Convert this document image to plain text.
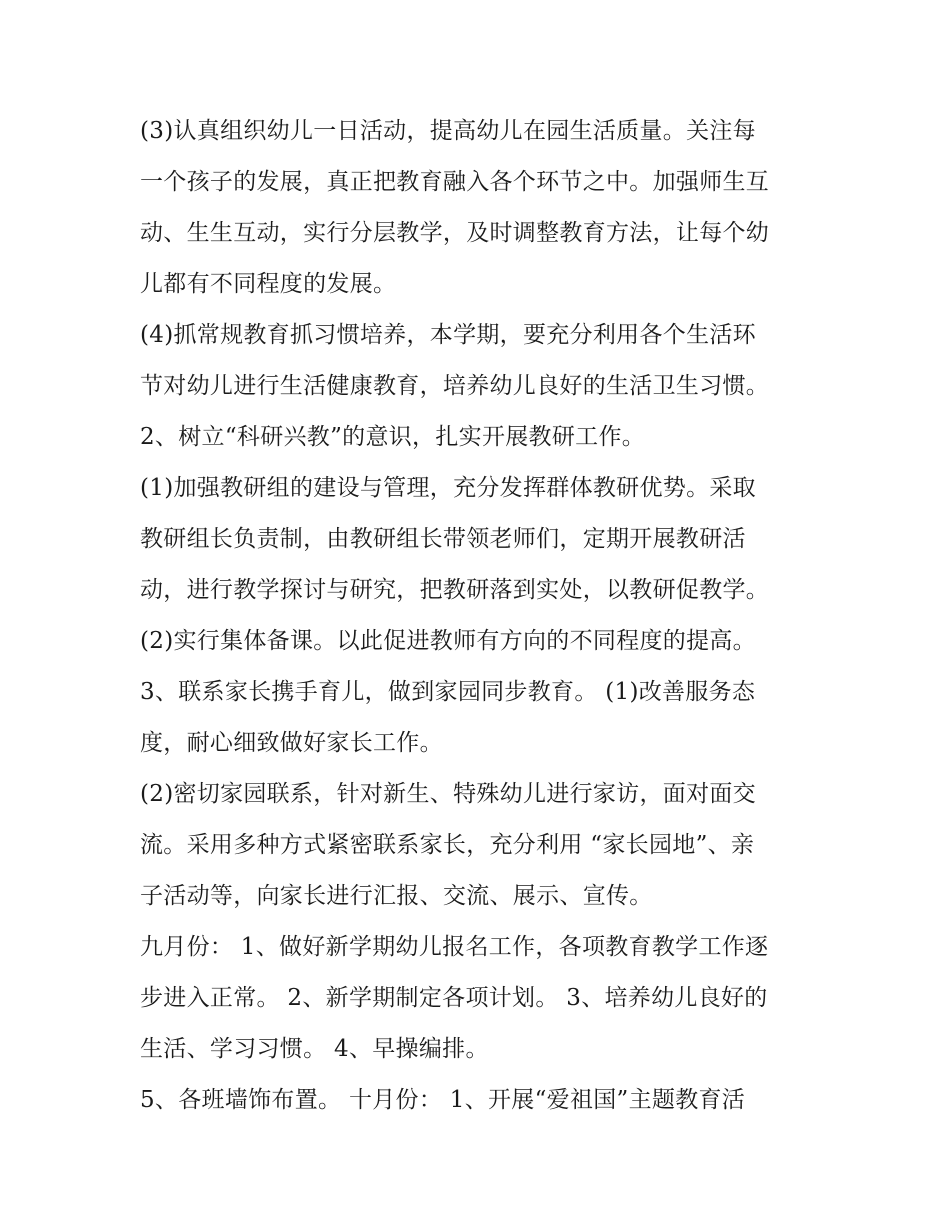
(3)认真组织幼儿一日活动，提高幼儿在园生活质量。关注每
一个孩子的发展，真正把教育融入各个环节之中。加强师生互
动、生生互动，实行分层教学，及时调整教育方法，让每个幼
儿都有不同程度的发展。
(4)抓常规教育抓习惯培养，本学期，要充分利用各个生活环
节对幼儿进行生活健康教育，培养幼儿良好的生活卫生习惯。
2、树立“科研兴教”的意识，扎实开展教研工作。
(1)加强教研组的建设与管理，充分发挥群体教研优势。采取
教研组长负责制，由教研组长带领老师们，定期开展教研活
动，进行教学探讨与研究，把教研落到实处，以教研促教学。
(2)实行集体备课。以此促进教师有方向的不同程度的提高。
3、联系家长携手育儿，做到家园同步教育。 (1)改善服务态
度，耐心细致做好家长工作。
(2)密切家园联系，针对新生、特殊幼儿进行家访，面对面交
流。采用多种方式紧密联系家长，充分利用 “家长园地”、亲
子活动等，向家长进行汇报、交流、展示、宣传。
九月份： 1、做好新学期幼儿报名工作，各项教育教学工作逐
步进入正常。 2、新学期制定各项计划。 3、培养幼儿良好的
生活、学习习惯。 4、早操编排。
5、各班墙饰布置。 十月份： 1、开展“爱祖国”主题教育活
